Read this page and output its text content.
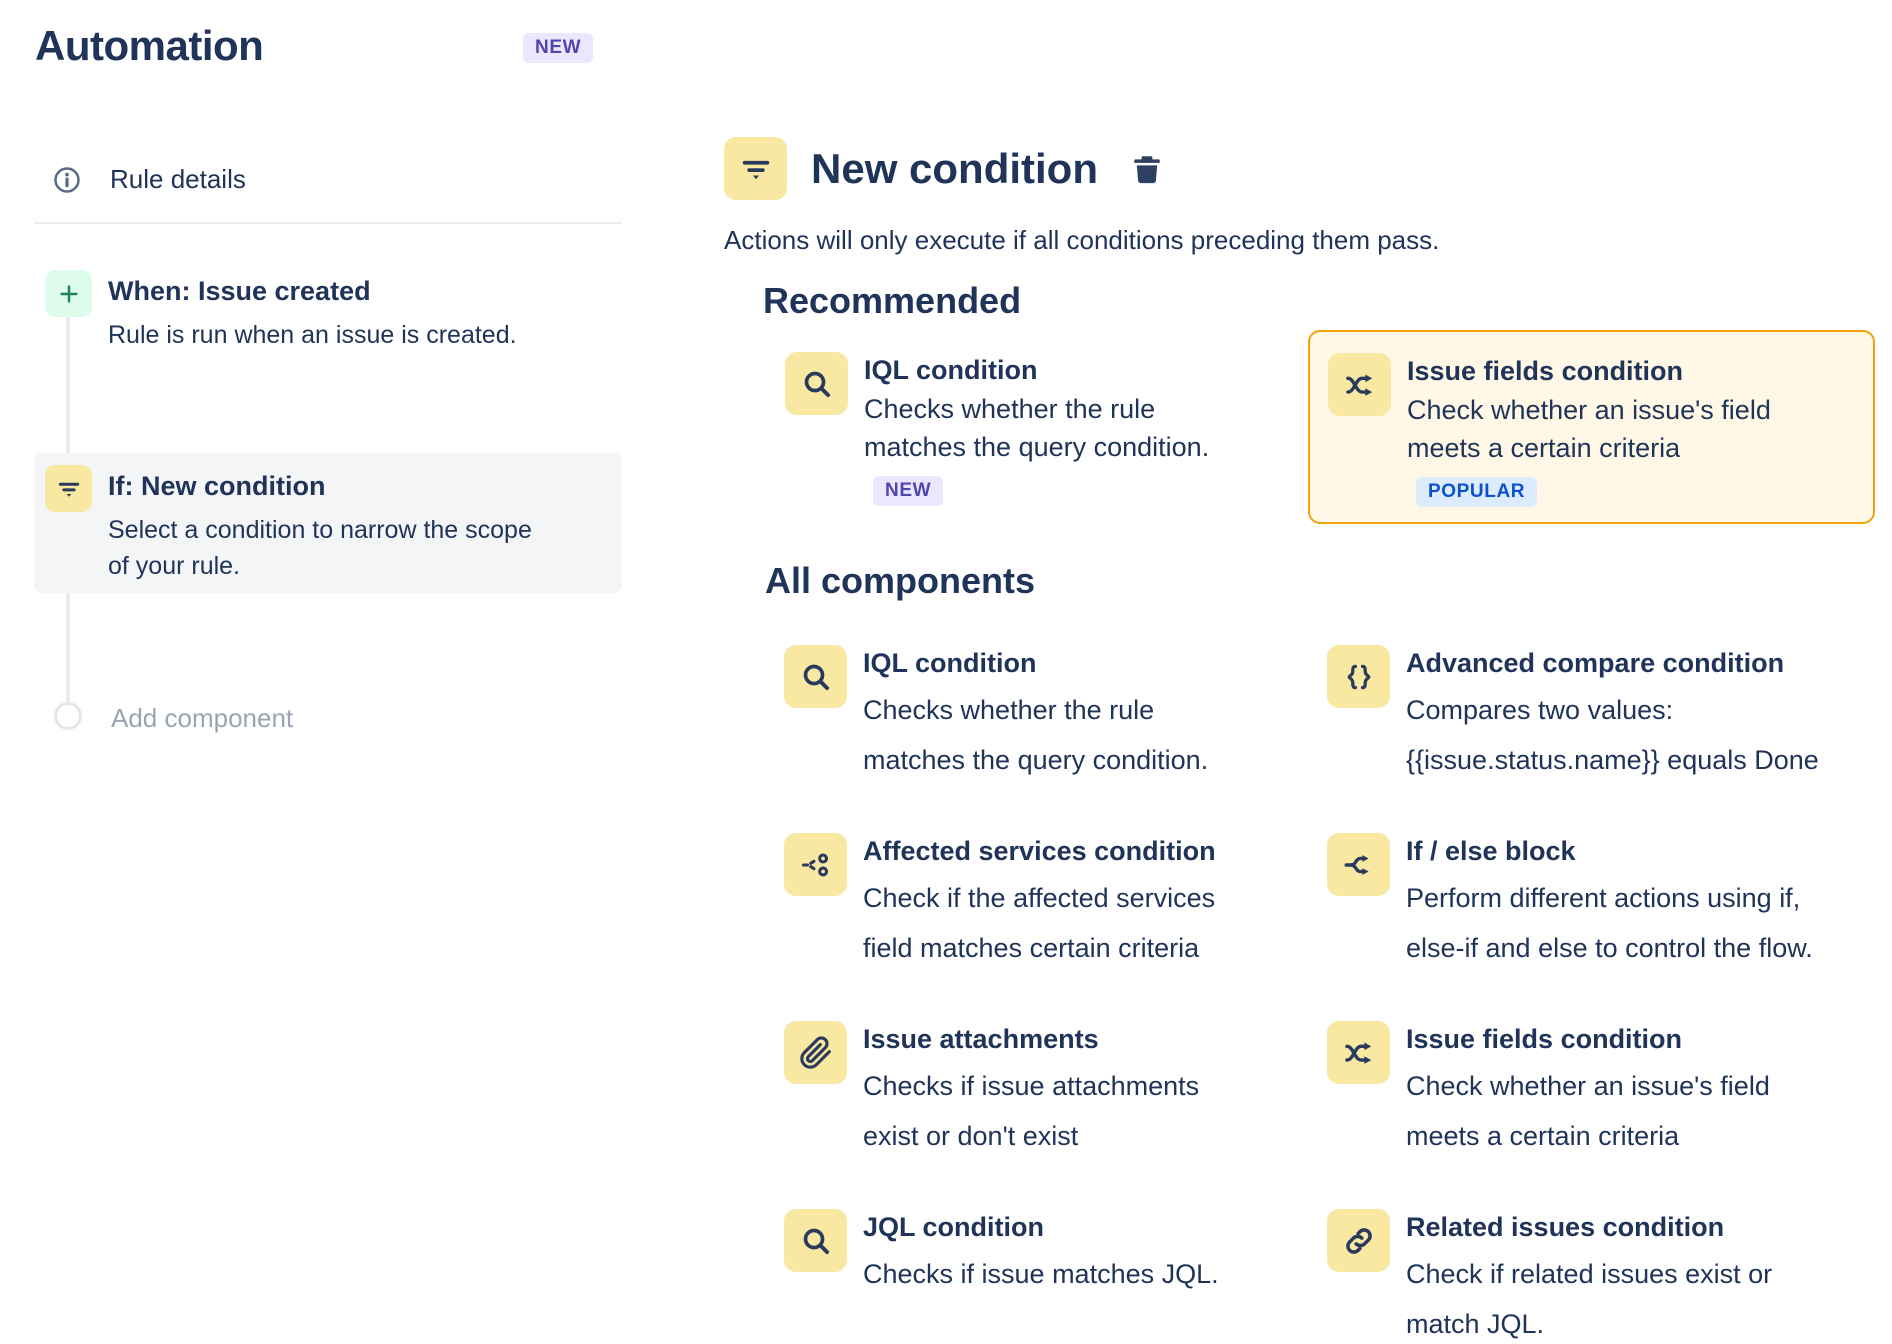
Automation	NEW
Rule details
When: Issue created
Rule is run when an issue is created.
If: New condition
Select a condition to narrow the scope of your rule.
Add component
New condition
Actions will only execute if all conditions preceding them pass.
Recommended
IQL condition
Checks whether the rule matches the query condition.
NEW
Issue fields condition
Check whether an issue's field meets a certain criteria
POPULAR
All components
IQL condition
Checks whether the rule matches the query condition.
Advanced compare condition
Compares two values: {{issue.status.name}} equals Done
Affected services condition
Check if the affected services field matches certain criteria
If / else block
Perform different actions using if, else-if and else to control the flow.
Issue attachments
Checks if issue attachments exist or don't exist
Issue fields condition
Check whether an issue's field meets a certain criteria
JQL condition
Checks if issue matches JQL.
Related issues condition
Check if related issues exist or match JQL.
